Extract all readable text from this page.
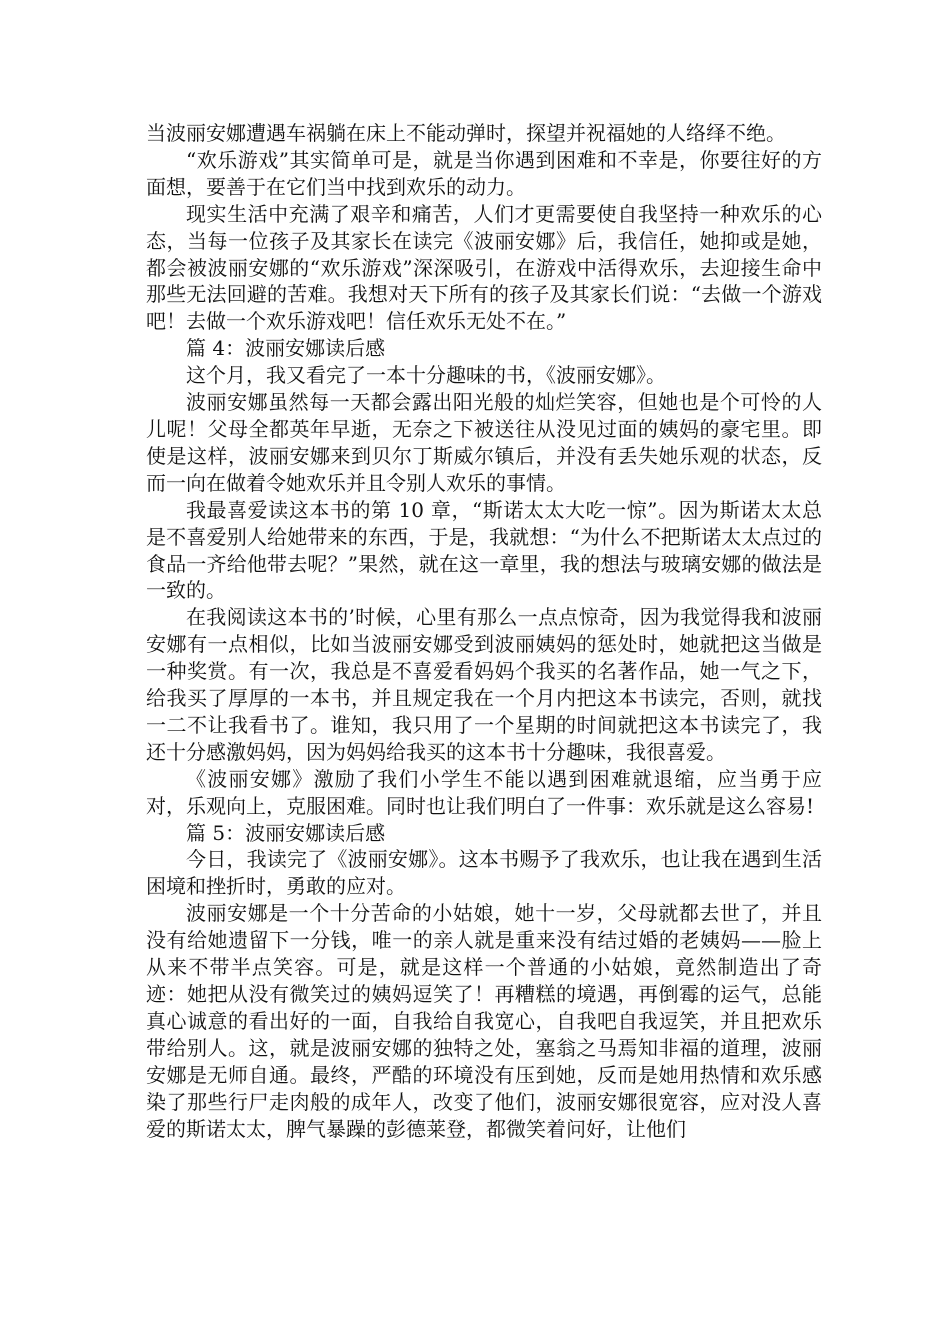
当波丽安娜遭遇车祸躺在床上不能动弹时，探望并祝福她的人络绎不绝。

“欢乐游戏”其实简单可是，就是当你遇到困难和不幸是，你要往好的方面想，要善于在它们当中找到欢乐的动力。

现实生活中充满了艰辛和痛苦，人们才更需要使自我坚持一种欢乐的心态，当每一位孩子及其家长在读完《波丽安娜》后，我信任，她抑或是她，都会被波丽安娜的“欢乐游戏”深深吸引，在游戏中活得欢乐，去迎接生命中那些无法回避的苦难。我想对天下所有的孩子及其家长们说：“去做一个游戏吧！去做一个欢乐游戏吧！信任欢乐无处不在。”

篇 4：波丽安娜读后感

这个月，我又看完了一本十分趣味的书，《波丽安娜》。

波丽安娜虽然每一天都会露出阳光般的灿烂笑容，但她也是个可怜的人儿呢！父母全都英年早逝，无奈之下被送往从没见过面的姨妈的豪宅里。即使是这样，波丽安娜来到贝尔丁斯威尔镇后，并没有丢失她乐观的状态，反而一向在做着令她欢乐并且令别人欢乐的事情。

我最喜爱读这本书的第 10 章，“斯诺太太大吃一惊”。因为斯诺太太总是不喜爱别人给她带来的东西，于是，我就想：“为什么不把斯诺太太点过的食品一齐给他带去呢？”果然，就在这一章里，我的想法与玻璃安娜的做法是一致的。

在我阅读这本书的’时候，心里有那么一点点惊奇，因为我觉得我和波丽安娜有一点相似，比如当波丽安娜受到波丽姨妈的惩处时，她就把这当做是一种奖赏。有一次，我总是不喜爱看妈妈个我买的名著作品，她一气之下，给我买了厚厚的一本书，并且规定我在一个月内把这本书读完，否则，就找一二不让我看书了。谁知，我只用了一个星期的时间就把这本书读完了，我还十分感激妈妈，因为妈妈给我买的这本书十分趣味，我很喜爱。

《波丽安娜》激励了我们小学生不能以遇到困难就退缩，应当勇于应对，乐观向上，克服困难。同时也让我们明白了一件事：欢乐就是这么容易!

篇 5：波丽安娜读后感

今日，我读完了《波丽安娜》。这本书赐予了我欢乐，也让我在遇到生活困境和挫折时，勇敢的应对。

波丽安娜是一个十分苦命的小姑娘，她十一岁，父母就都去世了，并且没有给她遗留下一分钱，唯一的亲人就是重来没有结过婚的老姨妈——脸上从来不带半点笑容。可是，就是这样一个普通的小姑娘，竟然制造出了奇迹：她把从没有微笑过的姨妈逗笑了！再糟糕的境遇，再倒霉的运气，总能真心诚意的看出好的一面，自我给自我宽心，自我吧自我逗笑，并且把欢乐带给别人。这，就是波丽安娜的独特之处，塞翁之马焉知非福的道理，波丽安娜是无师自通。最终，严酷的环境没有压到她，反而是她用热情和欢乐感染了那些行尸走肉般的成年人，改变了他们，波丽安娜很宽容，应对没人喜爱的斯诺太太，脾气暴躁的彭德莱登，都微笑着问好，让他们
